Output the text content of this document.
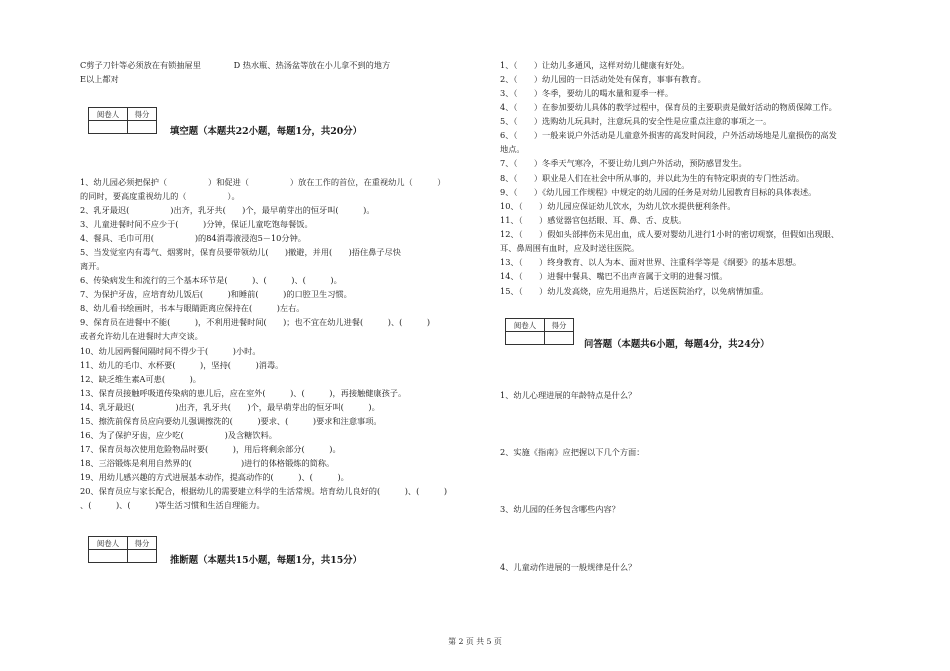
C剪子刀针等必须放在有锁抽屉里　　　　D 热水瓶、热汤盆等放在小儿拿不到的地方
E以上都对
阅卷人	得分

填空题（本题共22小题，每题1分，共20分）
1、幼儿园必须把保护（　　　　　）和促进（　　　　　）放在工作的首位，在重视幼儿（　　　）
的同时，要高度重视幼儿的（　　　　　）。
2、乳牙最迟(　　　　　)出齐，乳牙共(　　)个，最早萌芽出的恒牙叫(　　　)。
3、儿童进餐时间不应少于(　　　)分钟，保证儿童吃饱每餐饭。
4、餐具、毛巾可用(　　　　　)的84消毒液浸泡5－10分钟。
5、当发觉室内有毒气、烟雾时，保育员要带领幼儿(　　)撤避，并用(　　)捂住鼻子尽快
离开。
6、传染病发生和流行的三个基本环节是(　　　)、(　　　)、(　　　)。
7、为保护牙齿，应培育幼儿饭后(　　　)和睡前(　　　)的口腔卫生习惯。
8、幼儿看书绘画时，书本与眼睛距离应保持在(　　　)左右。
9、保育员在进餐中不能(　　　)，不利用进餐时间(　　)；也不宜在幼儿进餐(　　　)、(　　　)
或者允许幼儿在进餐时大声交谈。
10、幼儿园两餐间隔时间不得少于(　　　)小时。
11、幼儿的毛巾、水杯要(　　　)，坚持(　　　)消毒。
12、缺乏维生素A可患(　　　)。
13、保育员接触呼吸道传染病的患儿后，应在室外(　　　)、(　　　)，再接触健康孩子。
14、乳牙最迟(　　　　　)出齐，乳牙共(　　)个，最早萌芽出的恒牙叫(　　　)。
15、擦洗前保育员应向要幼儿强调擦洗的(　　　)要求、(　　　)要求和注意事项。
16、为了保护牙齿，应少吃(　　　　　)及含糖饮料。
17、保育员每次使用危险物品时要(　　　)，用后将剩余部分(　　　)。
18、三浴锻炼是利用自然界的(　　　　　　)进行的体格锻炼的简称。
19、用幼儿感兴趣的方式进展基本动作，提高动作的(　　　)、(　　　)。
20、保育员应与家长配合，根据幼儿的需要建立科学的生活常规。培育幼儿良好的(　　　)、(　　　)
、(　　　)、(　　　)等生活习惯和生活自理能力。
阅卷人	得分

推断题（本题共15小题，每题1分，共15分）
1、（　　）让幼儿多通风，这样对幼儿健康有好处。
2、（　　）幼儿园的一日活动处处有保育，事事有教育。
3、（　　）冬季，要幼儿的喝水量和夏季一样。
4、（　　）在参加要幼儿具体的教学过程中，保育员的主要职责是做好活动的物质保障工作。
5、（　　）选购幼儿玩具时，注意玩具的安全性是应重点注意的事项之一。
6、（　　）一般来说户外活动是儿童意外损害的高发时间段，户外活动场地是儿童损伤的高发
地点。
7、（　　）冬季天气寒冷，不要让幼儿到户外活动，预防感冒发生。
8、（　　）职业是人们在社会中所从事的，并以此为生的有特定职责的专门性活动。
9、（　　）《幼儿园工作规程》中规定的幼儿园的任务是对幼儿园教育目标的具体表述。
10、（　　）幼儿园应保证幼儿饮水，为幼儿饮水提供便利条件。
11、（　　）感觉器官包括眼、耳、鼻、舌、皮肤。
12、（　　）假如头部摔伤未见出血，成人要对婴幼儿进行1小时的密切观察，但假如出现眼、
耳、鼻周围有血时，应及时送往医院。
13、（　　）终身教育、以人为本、面对世界、注重科学等是《纲要》的基本思想。
14、（　　）进餐中餐具、嘴巴不出声音属于文明的进餐习惯。
15、（　　）幼儿发高烧，应先用退热片，后送医院治疗，以免病情加重。
阅卷人	得分

问答题（本题共6小题，每题4分，共24分）
1、幼儿心理进展的年龄特点是什么？
2、实施《指南》应把握以下几个方面：
3、幼儿园的任务包含哪些内容？
4、儿童动作进展的一般规律是什么？
第 2 页 共 5 页
